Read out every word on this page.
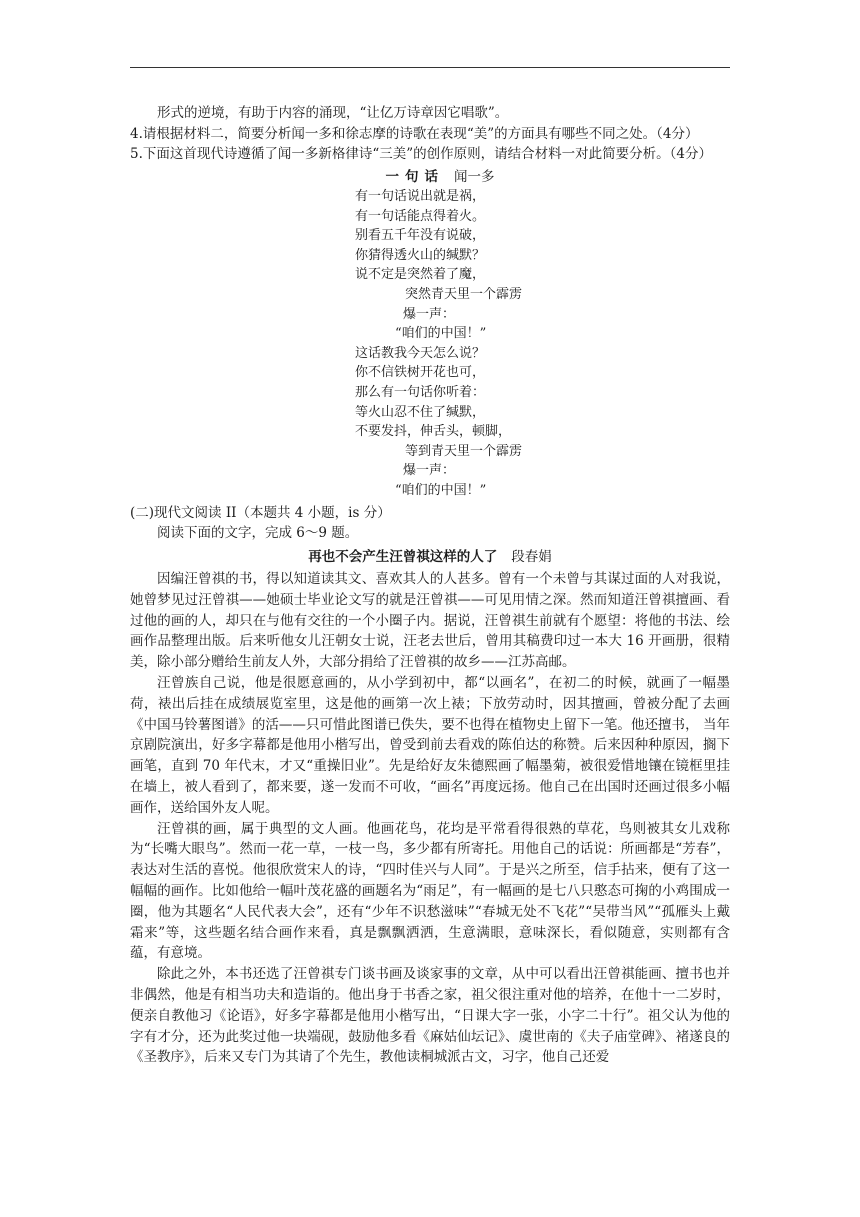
形式的逆境，有助于内容的涌现，“让亿万诗章因它唱歌”。

4.请根据材料二，简要分析闻一多和徐志摩的诗歌在表现“美”的方面具有哪些不同之处。（4分）

5.下面这首现代诗遵循了闻一多新格律诗“三美”的创作原则，请结合材料一对此简要分析。（4分）

一句话 闻一多
有一句话说出就是祸，
有一句话能点得着火。
别看五千年没有说破，
你猜得透火山的缄默？
说不定是突然着了魔，
突然青天里一个霹雳
爆一声：
“咱们的中国！”
这话教我今天怎么说？
你不信铁树开花也可，
那么有一句话你听着：
等火山忍不住了缄默，
不要发抖，伸舌头，顿脚，
等到青天里一个霹雳
爆一声：
“咱们的中国！”

(二)现代文阅读 II（本题共 4 小题，is 分）

阅读下面的文字，完成 6〜9 题。

再也不会产生汪曾祺这样的人了 段春娟

因编汪曾祺的书，得以知道读其文、喜欢其人的人甚多。曾有一个未曾与其谋过面的人对我说，她曾梦见过汪曾祺——她硕士毕业论文写的就是汪曾祺——可见用情之深。然而知道汪曾祺擅画、看过他的画的人，却只在与他有交往的一个小圈子内。据说，汪曾祺生前就有个愿望：将他的书法、绘画作品整理出版。后来听他女儿汪朝女士说，汪老去世后，曾用其稿费印过一本大 16 开画册，很精美，除小部分赠给生前友人外，大部分捐给了汪曾祺的故乡——江苏高邮。

汪曾族自己说，他是很愿意画的，从小学到初中，都“以画名”，在初二的时候，就画了一幅墨荷，裱出后挂在成绩展览室里，这是他的画第一次上裱；下放劳动时，因其擅画，曾被分配了去画 《中国马铃薯图谱》的活——只可惜此图谱已佚失，要不也得在植物史上留下一笔。他还擅书， 当年京剧院演出，好多字幕都是他用小楷写出，曾受到前去看戏的陈伯达的称赞。后来因种种原因，搁下画笔，直到 70 年代末，才又“重操旧业”。先是给好友朱德熙画了幅墨菊，被很爱惜地镶在镜框里挂在墙上，被人看到了，都来要，遂一发而不可收，“画名”再度远扬。他自己在出国时还画过很多小幅画作，送给国外友人呢。

汪曾祺的画，属于典型的文人画。他画花鸟，花均是平常看得很熟的草花，鸟则被其女儿戏称为“长嘴大眼鸟”。然而一花一草，一枝一鸟，多少都有所寄托。用他自己的话说：所画都是“芳春”，表达对生活的喜悦。他很欣赏宋人的诗，“四时佳兴与人同”。于是兴之所至，信手拈来，便有了这一幅幅的画作。比如他给一幅叶茂花盛的画题名为“雨足”，有一幅画的是七八只憨态可掬的小鸡围成一圈，他为其题名“人民代表大会”，还有“少年不识愁滋味”“春城无处不飞花”“吴带当风”“孤雁头上戴霜来”等，这些题名结合画作来看，真是飘飘洒洒，生意满眼，意味深长，看似随意，实则都有含蕴，有意境。

除此之外，本书还选了汪曾祺专门谈书画及谈家事的文章，从中可以看出汪曾祺能画、擅书也并非偶然，他是有相当功夫和造诣的。他出身于书香之家，祖父很注重对他的培养，在他十一二岁时，便亲自教他习《论语》，好多字幕都是他用小楷写出，“日课大字一张，小字二十行”。祖父认为他的字有才分，还为此奖过他一块端砚，鼓励他多看《麻姑仙坛记》、虞世南的《夫子庙堂碑》、褚遂良的《圣教序》，后来又专门为其请了个先生，教他读桐城派古文，习字，他自己还爱
